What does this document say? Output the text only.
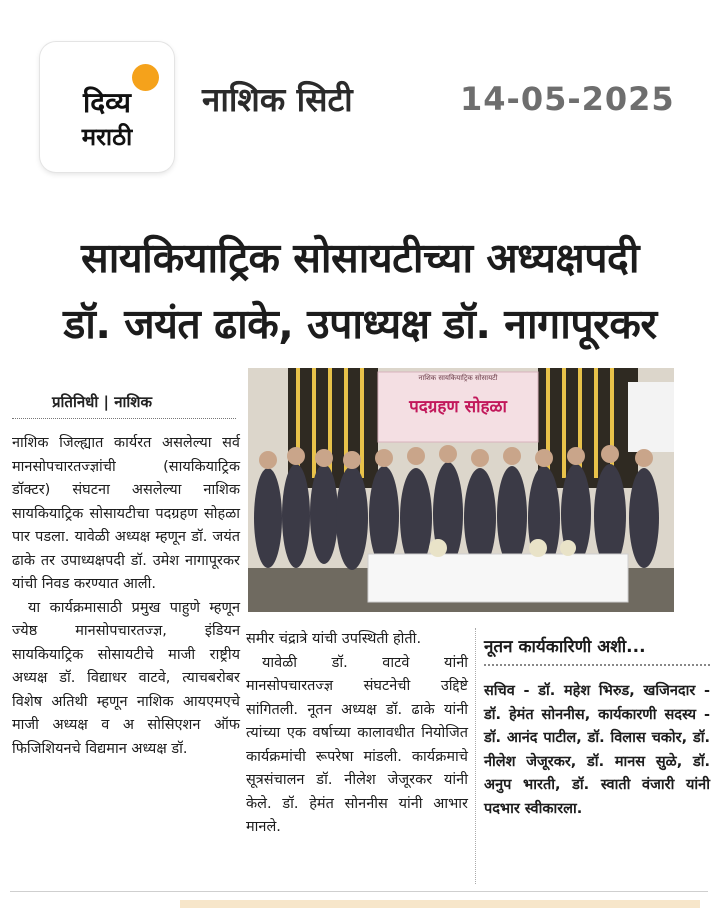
दिव्य
मराठी
नाशिक सिटी	14-05-2025
सायकियाट्रिक सोसायटीच्या अध्यक्षपदी
डॉ. जयंत ढाके, उपाध्यक्ष डॉ. नागापूरकर
प्रतिनिधी | नाशिक

नाशिक जिल्ह्यात कार्यरत असलेल्या सर्व मानसोपचारतज्ज्ञांची (सायकियाट्रिक डॉक्टर) संघटना असलेल्या नाशिक सायकियाट्रिक सोसायटीचा पदग्रहण सोहळा पार पडला. यावेळी अध्यक्ष म्हणून डॉ. जयंत ढाके तर उपाध्यक्षपदी डॉ. उमेश नागापूरकर यांची निवड करण्यात आली.

या कार्यक्रमासाठी प्रमुख पाहुणे म्हणून ज्येष्ठ मानसोपचारतज्ज्ञ, इंडियन सायकियाट्रिक सोसायटीचे माजी राष्ट्रीय अध्यक्ष डॉ. विद्याधर वाटवे, त्याचबरोबर विशेष अतिथी म्हणून नाशिक आयएमएचे माजी अध्यक्ष व अ सोसिएशन ऑफ फिजिशियनचे विद्यमान अध्यक्ष डॉ.

नाशिक सायकियाट्रिक सोसायटी
पदग्रहण सोहळा

समीर चंद्रात्रे यांची उपस्थिती होती.

यावेळी डॉ. वाटवे यांनी मानसोपचारतज्ज्ञ संघटनेची उद्दिष्टे सांगितली. नूतन अध्यक्ष डॉ. ढाके यांनी त्यांच्या एक वर्षाच्या कालावधीत नियोजित कार्यक्रमांची रूपरेषा मांडली. कार्यक्रमाचे सूत्रसंचालन डॉ. नीलेश जेजूरकर यांनी केले. डॉ. हेमंत सोननीस यांनी आभार मानले.

नूतन कार्यकारिणी अशी...
सचिव - डॉ. महेश भिरुड, खजिनदार - डॉ. हेमंत सोननीस, कार्यकारणी सदस्य - डॉ. आनंद पाटील, डॉ. विलास चकोर, डॉ. नीलेश जेजूरकर, डॉ. मानस सुळे, डॉ. अनुप भारती, डॉ. स्वाती वंजारी यांनी पदभार स्वीकारला.
